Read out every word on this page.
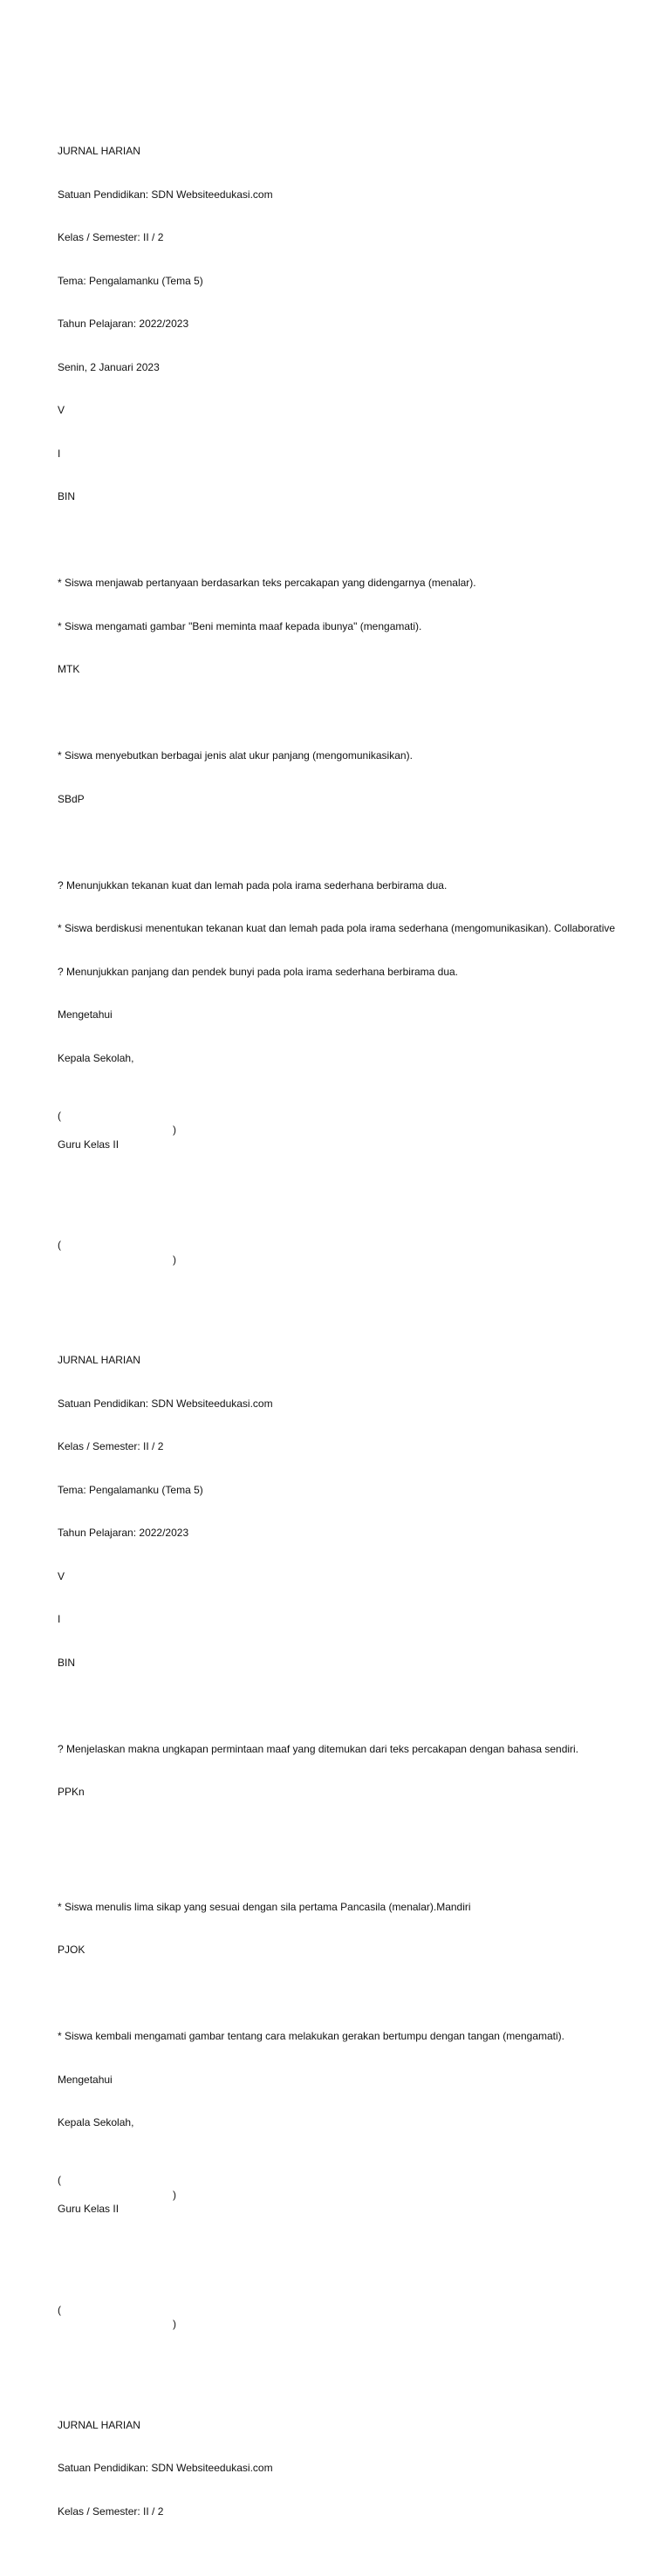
JURNAL HARIAN

Satuan Pendidikan: SDN Websiteedukasi.com

Kelas / Semester: II / 2

Tema: Pengalamanku (Tema 5)

Tahun Pelajaran: 2022/2023

Senin, 2 Januari 2023

V

I

BIN

* Siswa menjawab pertanyaan berdasarkan teks percakapan yang didengarnya (menalar).

* Siswa mengamati gambar "Beni meminta maaf kepada ibunya" (mengamati).

MTK

* Siswa menyebutkan berbagai jenis alat ukur panjang (mengomunikasikan).

SBdP

? Menunjukkan tekanan kuat dan lemah pada pola irama sederhana berbirama dua.

* Siswa berdiskusi menentukan tekanan kuat dan lemah pada pola irama sederhana (mengomunikasikan). Collaborative

? Menunjukkan panjang dan pendek bunyi pada pola irama sederhana berbirama dua.

Mengetahui

Kepala Sekolah,

(

)

Guru Kelas II

(

)

JURNAL HARIAN

Satuan Pendidikan: SDN Websiteedukasi.com

Kelas / Semester: II / 2

Tema: Pengalamanku (Tema 5)

Tahun Pelajaran: 2022/2023

V

I

BIN

? Menjelaskan makna ungkapan permintaan maaf yang ditemukan dari teks percakapan dengan bahasa sendiri.

PPKn

* Siswa menulis lima sikap yang sesuai dengan sila pertama Pancasila (menalar).Mandiri

PJOK

* Siswa kembali mengamati gambar tentang cara melakukan gerakan bertumpu dengan tangan (mengamati).

Mengetahui

Kepala Sekolah,

(

)

Guru Kelas II

(

)

JURNAL HARIAN

Satuan Pendidikan: SDN Websiteedukasi.com

Kelas / Semester: II / 2
